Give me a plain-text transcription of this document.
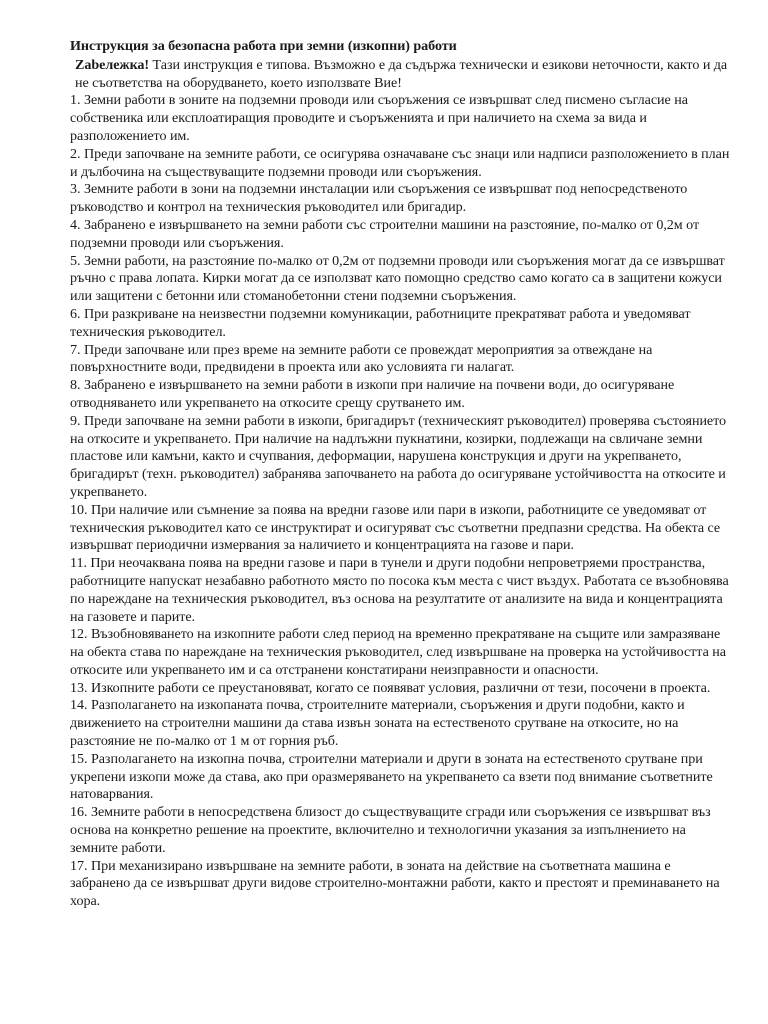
Инструкция за безопасна работа при земни (изкопни) работи
Zabeлежка! Тази инструкция е типова. Възможно е да съдържа технически и езикови неточности, както и да не съответства на оборудването, което използвате Вие!
1. Земни работи в зоните на подземни проводи или съоръжения се извършват след писмено съгласие на собственика или експлоатиращия проводите и съоръженията и при наличието на схема за вида и разположението им.
2. Преди започване на земните работи, се осигурява означаване със знаци или надписи разположението в план и дълбочина на съществуващите подземни проводи или съоръжения.
3. Земните работи в зони на подземни инсталации или съоръжения се извършват под непосредственото ръководство и контрол на техническия ръководител или бригадир.
4. Забранено е извършването на земни работи със строителни машини на разстояние, по-малко от 0,2м от подземни проводи или съоръжения.
5. Земни работи, на разстояние по-малко от 0,2м от подземни проводи или съоръжения могат да се извършват ръчно с права лопата. Кирки могат да се използват като помощно средство само когато са в защитени кожуси или защитени с бетонни или стоманобетонни стени подземни съоръжения.
6. При разкриване на неизвестни подземни комуникации, работниците прекратяват работа и уведомяват техническия ръководител.
7. Преди започване или през време на земните работи се провеждат мероприятия за отвеждане на повърхностните води, предвидени в проекта или ако условията ги налагат.
8. Забранено е извършването на земни работи в изкопи при наличие на почвени води, до осигуряване отводняването или укрепването на откосите срещу срутването им.
9. Преди започване на земни работи в изкопи, бригадирът (техническият ръководител) проверява състоянието на откосите и укрепването. При наличие на надлъжни пукнатини, козирки, подлежащи на свличане земни пластове или камъни, както и счупвания, деформации, нарушена конструкция и други на укрепването, бригадирът (техн. ръководител) забранява започването на работа до осигуряване устойчивостта на откосите и укрепването.
10. При наличие или съмнение за поява на вредни газове или пари в изкопи, работниците се уведомяват от техническия ръководител като се инструктират и осигуряват със съответни предпазни средства. На обекта се извършват периодични измервания за наличието и концентрацията на газове и пари.
11. При неочаквана поява на вредни газове и пари в тунели и други подобни непроветряеми пространства, работниците напускат незабавно работното място по посока към места с чист въздух. Работата се възобновява по нареждане на техническия ръководител, въз основа на резултатите от анализите на вида и концентрацията на газовете и парите.
12. Възобновяването на изкопните работи след период на временно прекратяване на същите или замразяване на обекта става по нареждане на техническия ръководител, след извършване на проверка на устойчивостта на откосите или укрепването им и са отстранени констатирани неизправности и опасности.
13. Изкопните работи се преустановяват, когато се появяват условия, различни от тези, посочени в проекта.
14. Разполагането на изкопаната почва, строителните материали, съоръжения и други подобни, както и движението на строителни машини да става извън зоната на естественото срутване на откосите, но на разстояние не по-малко от 1 м от горния ръб.
15. Разполагането на изкопна почва, строителни материали и други в зоната на естественото срутване при укрепени изкопи може да става, ако при оразмеряването на укрепването са взети под внимание съответните натоварвания.
16. Земните работи в непосредствена близост до съществуващите сгради или съоръжения се извършват въз основа на конкретно решение на проектите, включително и технологични указания за изпълнението на земните работи.
17. При механизирано извършване на земните работи, в зоната на действие на съответната машина е забранено да се извършват други видове строително-монтажни работи, както и престоят и преминаването на хора.
